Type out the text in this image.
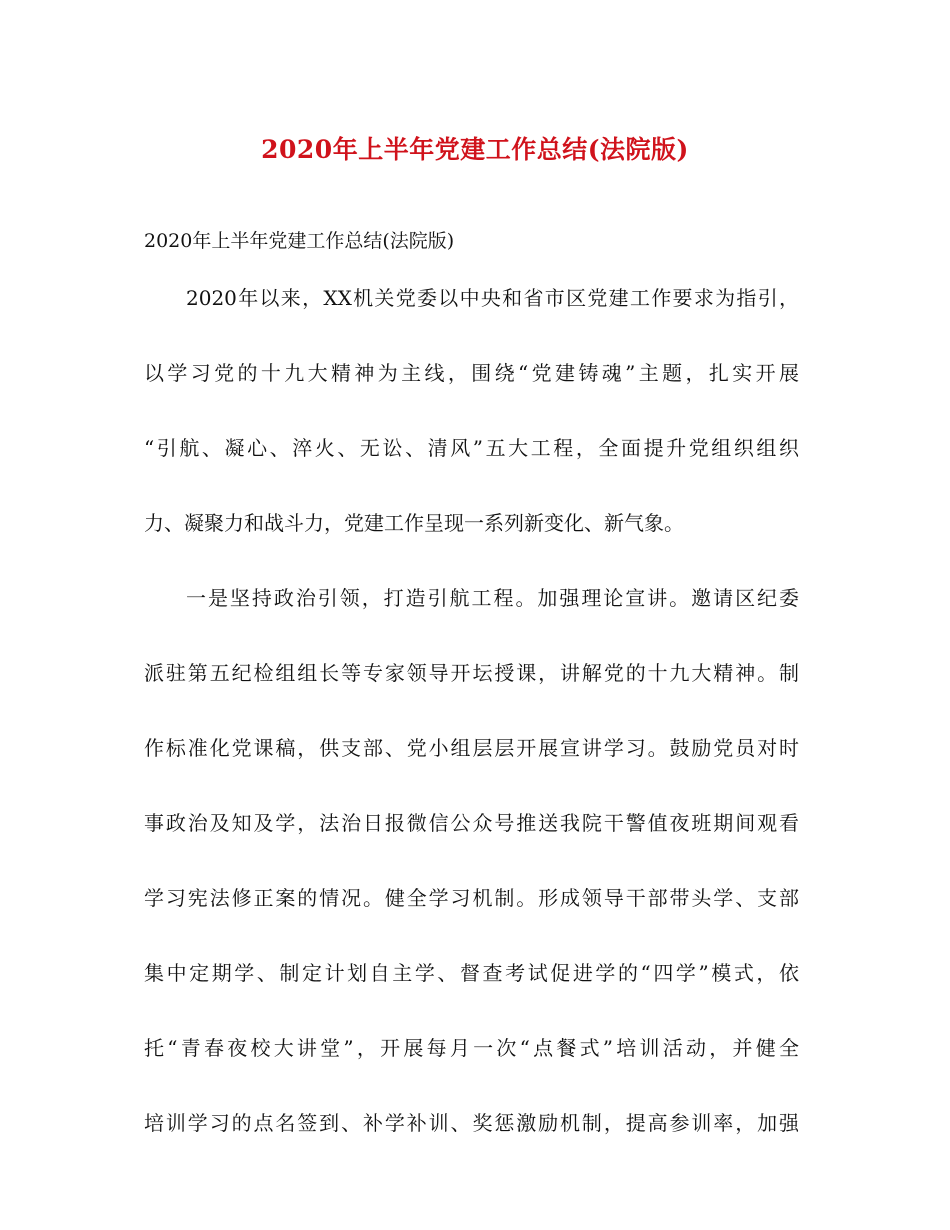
2020年上半年党建工作总结(法院版)
2020年上半年党建工作总结(法院版)
2020年以来，XX机关党委以中央和省市区党建工作要求为指引，
以学习党的十九大精神为主线，围绕“党建铸魂”主题，扎实开展
“引航、凝心、淬火、无讼、清风”五大工程，全面提升党组织组织
力、凝聚力和战斗力，党建工作呈现一系列新变化、新气象。
一是坚持政治引领，打造引航工程。加强理论宣讲。邀请区纪委
派驻第五纪检组组长等专家领导开坛授课，讲解党的十九大精神。制
作标准化党课稿，供支部、党小组层层开展宣讲学习。鼓励党员对时
事政治及知及学，法治日报微信公众号推送我院干警值夜班期间观看
学习宪法修正案的情况。健全学习机制。形成领导干部带头学、支部
集中定期学、制定计划自主学、督查考试促进学的“四学”模式，依
托“青春夜校大讲堂”，开展每月一次“点餐式”培训活动，并健全
培训学习的点名签到、补学补训、奖惩激励机制，提高参训率，加强
